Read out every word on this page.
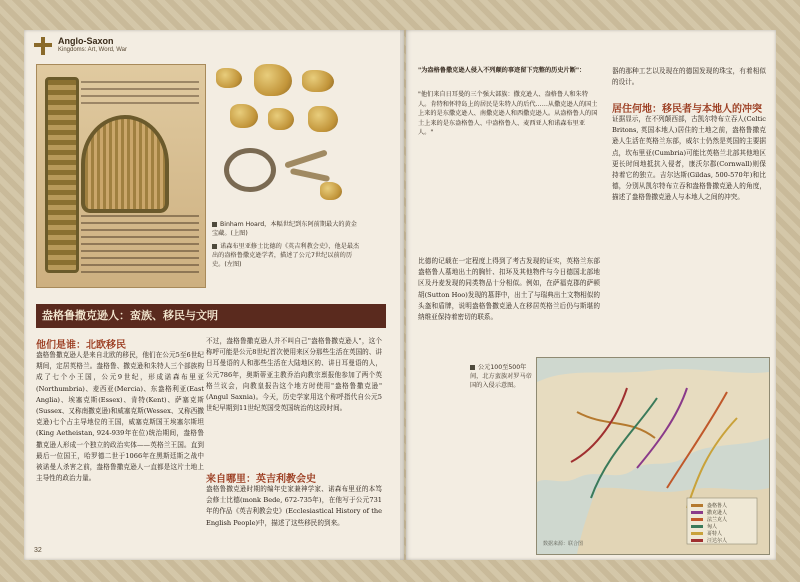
Anglo-Saxon
Kingdoms: Art, Word, War
Binham Hoard，本幅世纪到东阿前期最大的黄金宝藏。(上图)
诺森布里亚修士比德的《英吉利教会史》，他是最杰出的盎格鲁撒克逊学者，描述了公元7世纪以前的历史。(左图)
盎格鲁撒克逊人：蛮族、移民与文明
他们是谁：北欧移民
盎格鲁撒克逊人是来自北欧的移民，他们在公元5至6世纪期间，定居英格兰。盎格鲁、撒克逊和朱特人三个部族构成了七个小王国，公元9世纪，形成诺森布里亚(Northumbria)、麦西亚(Mercia)、东盎格利亚(East Anglia)、埃塞克斯(Essex)、肯特(Kent)、萨塞克斯(Sussex、又称南撒克逊)和威塞克斯(Wessex、又称西撒克逊)七个占主导地位的王国，威塞克斯国王埃塞尔斯坦(King Aetheistan, 924-939年在位)统治期间，盎格鲁撒克逊人形成一个独立的政治实体——英格兰王国。直到最后一位国王，哈罗德二世于1066年在黑斯廷斯之战中被诺曼人杀害之前，盎格鲁撒克逊人一直都是这片土地上主导性的政治力量。
不过，盎格鲁撒克逊人并不叫自己"盎格鲁撒克逊人"，这个称呼可能是公元8世纪首次使用来区分那些生活在英国的、讲日耳曼语的人和那些生活在大陆地区的、讲日耳曼语的人，公元786年，奥斯蒂亚主教乔治向教宗禀报他参加了两个英格兰议会，向教皇报告这个地方时使用"盎格鲁撒克逊"(Angul Saxnia)。今天，历史学家用这个称呼指代自公元5世纪早期到11世纪英国受英国统治的这段时间。
来自哪里：英吉利教会史
盎格鲁撒克逊时期的编年史家兼神学家、诺森布里亚的本笃会修士比德(monk Bede, 672-735年)，在他写于公元731年的作品《英吉利教会史》(Ecclesiastical History of the English People)中，描述了这些移民的到来。
32
"为盎格鲁撒克逊人侵入不列颠的事迹留下完整的历史片断"：
"他们来自日耳曼的三个强大部族：撒克逊人、盎格鲁人和朱特人。肯特和怀特岛上的居民是朱特人的后代……从撒克逊人的国土上来的是东撒克逊人、南撒克逊人和西撒克逊人。从盎格鲁人的国土上来的是东盎格鲁人、中盎格鲁人、麦西亚人和诺森布里亚人。"
比德的记载在一定程度上得到了考古发现的证实，英格兰东部盎格鲁人墓地出土的胸针、扣环及其他物件与今日德国北部地区及丹麦发现的同类物品十分相似。例如，在萨福克郡的萨顿胡(Sutton Hoo)发现的墓葬中，出土了与瑞典出土文物相似的头盔和盾牌，说明盎格鲁撒克逊人在移居英格兰后仍与斯堪的纳维亚保持着密切的联系。
器的那种工艺以及现在的德国发现的珠宝，有着相似的设计。
居住何地：移民者与本地人的冲突
证据显示，在不列颠西部，古凯尔特布立吞人(Celtic Britons, 英国本地人)居住的土地之前，盎格鲁撒克逊人生活在英格兰东部，威尔士仍然是英国的主要据点，坎布里亚(Cumbria)可能比英格兰北部其他地区更长时间地抵抗入侵者，康沃尔郡(Cornwall)则保持着它的独立。吉尔达斯(Gildas, 500-570年)和比德，分别从凯尔特布立吞和盎格鲁撒克逊人的角度，描述了盎格鲁撒克逊人与本地人之间的冲突。
公元100至500年间，北方蛮族对罗马帝国的入侵示意图。
盎格鲁人
撒克逊人
法兰克人
匈人
哥特人
汪达尔人
数据来源：联合图
